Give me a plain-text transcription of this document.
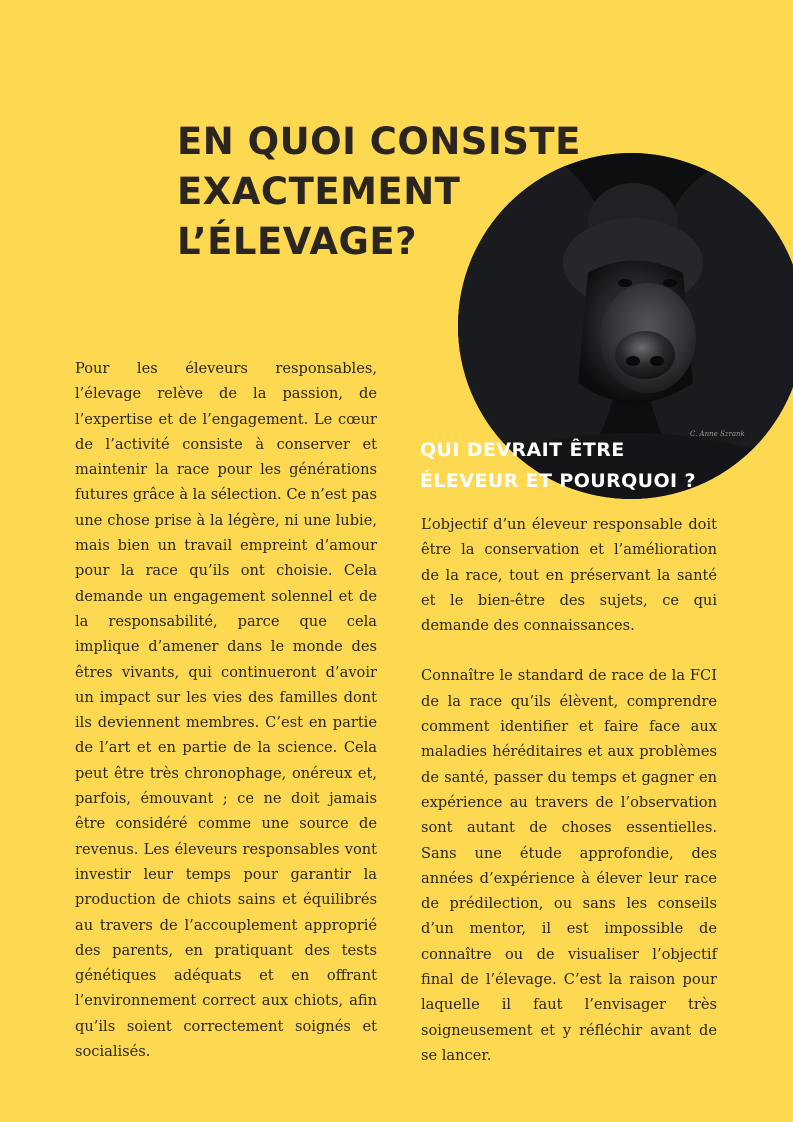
EN QUOI CONSISTE
EXACTEMENT
L’ÉLEVAGE?
C. Anne Szrank
QUI DEVRAIT ÊTRE
ÉLEVEUR ET POURQUOI ?

Pour les éleveurs responsables, l’élevage relève de la passion, de l’expertise et de l’engagement. Le cœur de l’activité consiste à conserver et maintenir la race pour les générations futures grâce à la sélection. Ce n’est pas une chose prise à la légère, ni une lubie, mais bien un travail empreint d’amour pour la race qu’ils ont choisie. Cela demande un engagement solennel et de la responsabilité, parce que cela implique d’amener dans le monde des êtres vivants, qui continueront d’avoir un impact sur les vies des familles dont ils deviennent membres. C’est en partie de l’art et en partie de la science. Cela peut être très chronophage, onéreux et, parfois, émouvant ; ce ne doit jamais être considéré comme une source de revenus. Les éleveurs responsables vont investir leur temps pour garantir la production de chiots sains et équilibrés au travers de l’accouplement approprié des parents, en pratiquant des tests génétiques adéquats et en offrant l’environnement correct aux chiots, afin qu’ils soient correctement soignés et socialisés.

L’objectif d’un éleveur responsable doit être la conservation et l’amélioration de la race, tout en préservant la santé et le bien-être des sujets, ce qui demande des connaissances.

Connaître le standard de race de la FCI de la race qu’ils élèvent, comprendre comment identifier et faire face aux maladies héréditaires et aux problèmes de santé, passer du temps et gagner en expérience au travers de l’observation sont autant de choses essentielles. Sans une étude approfondie, des années d’expérience à élever leur race de prédilection, ou sans les conseils d’un mentor, il est impossible de connaître ou de visualiser l’objectif final de l’élevage. C’est la raison pour laquelle il faut l’envisager très soigneusement et y réfléchir avant de se lancer.
